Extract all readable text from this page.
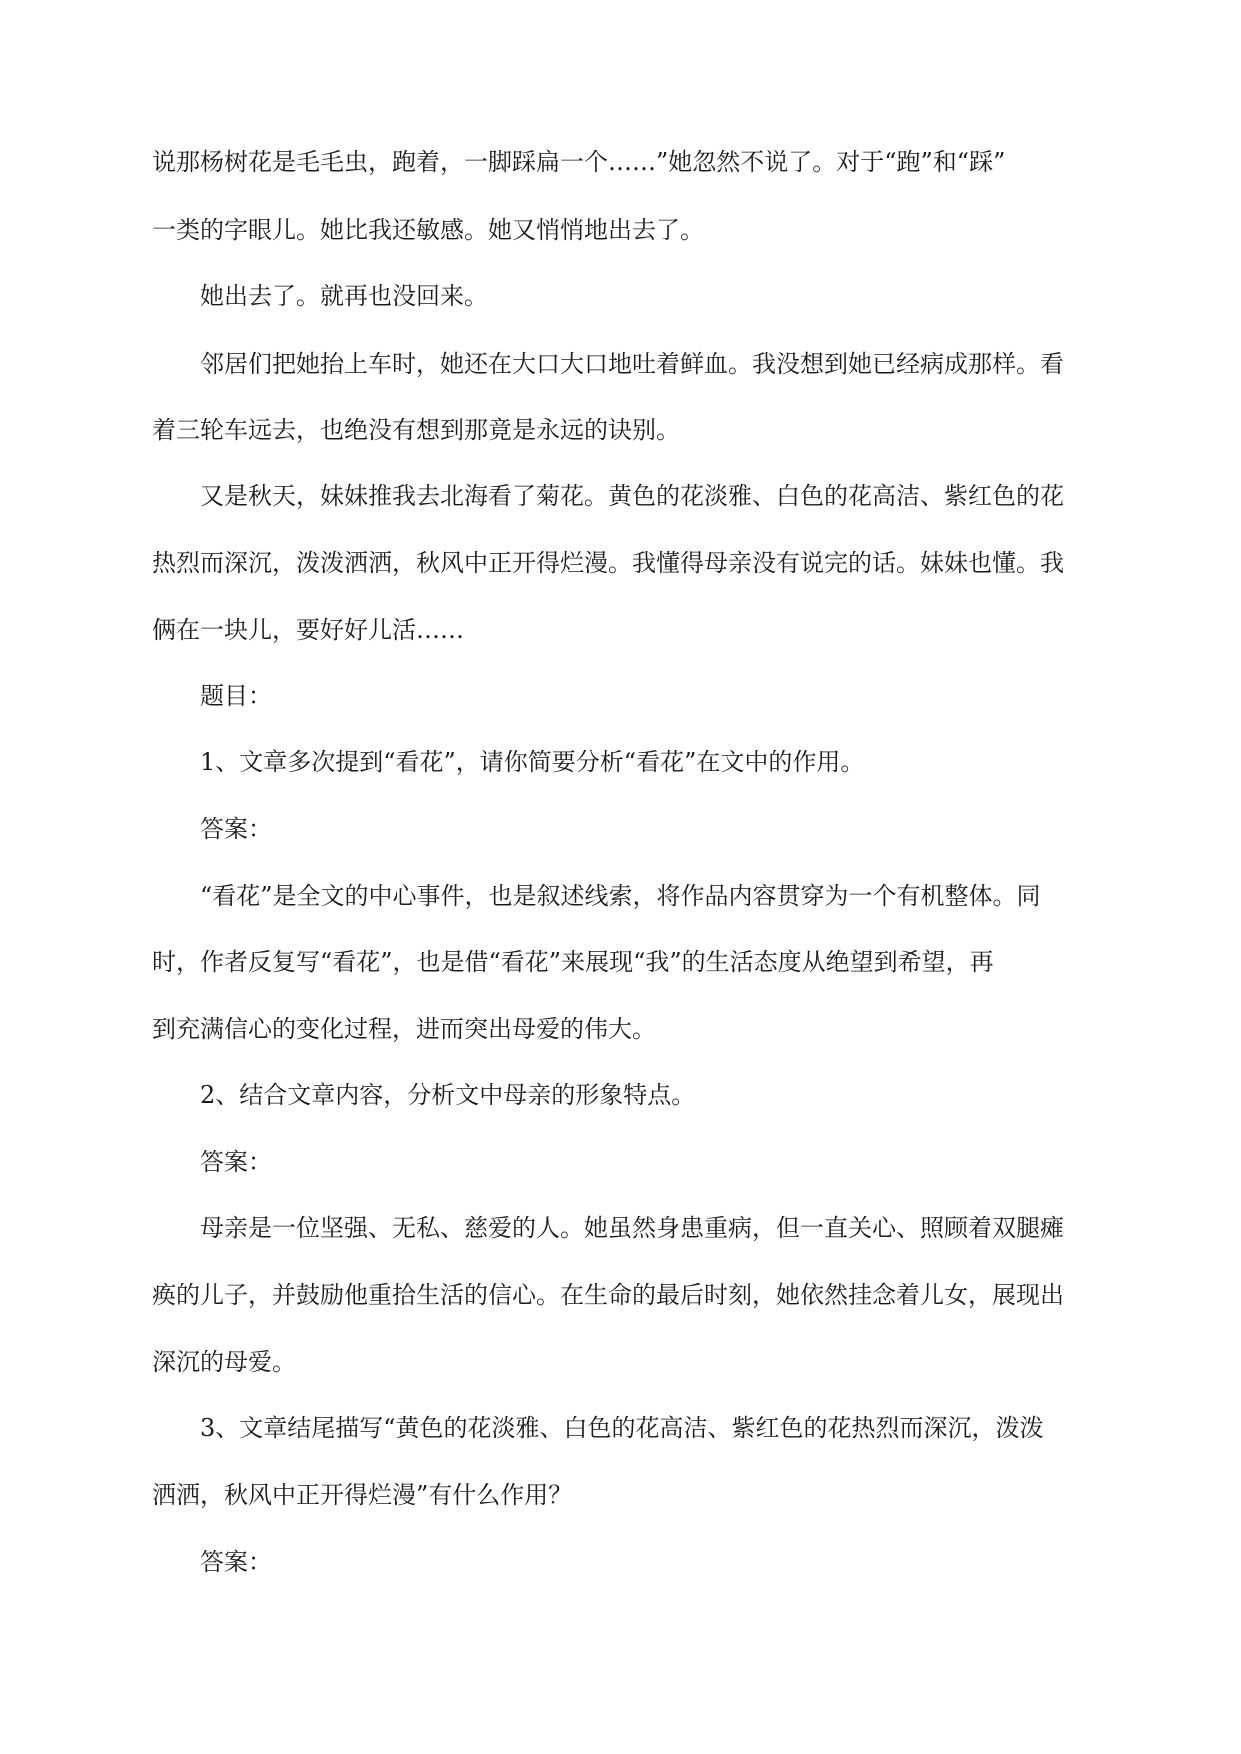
说那杨树花是毛毛虫，跑着，一脚踩扁一个……”她忽然不说了。对于“跑”和“踩”
一类的字眼儿。她比我还敏感。她又悄悄地出去了。
她出去了。就再也没回来。
邻居们把她抬上车时，她还在大口大口地吐着鲜血。我没想到她已经病成那样。看
着三轮车远去，也绝没有想到那竟是永远的诀别。
又是秋天，妹妹推我去北海看了菊花。黄色的花淡雅、白色的花高洁、紫红色的花
热烈而深沉，泼泼洒洒，秋风中正开得烂漫。我懂得母亲没有说完的话。妹妹也懂。我
俩在一块儿，要好好儿活……
题目：
1、文章多次提到“看花”，请你简要分析“看花”在文中的作用。
答案：
“看花”是全文的中心事件，也是叙述线索，将作品内容贯穿为一个有机整体。同
时，作者反复写“看花”，也是借“看花”来展现“我”的生活态度从绝望到希望，再
到充满信心的变化过程，进而突出母爱的伟大。
2、结合文章内容，分析文中母亲的形象特点。
答案：
母亲是一位坚强、无私、慈爱的人。她虽然身患重病，但一直关心、照顾着双腿瘫
痪的儿子，并鼓励他重拾生活的信心。在生命的最后时刻，她依然挂念着儿女，展现出
深沉的母爱。
3、文章结尾描写“黄色的花淡雅、白色的花高洁、紫红色的花热烈而深沉，泼泼
洒洒，秋风中正开得烂漫”有什么作用？
答案：
